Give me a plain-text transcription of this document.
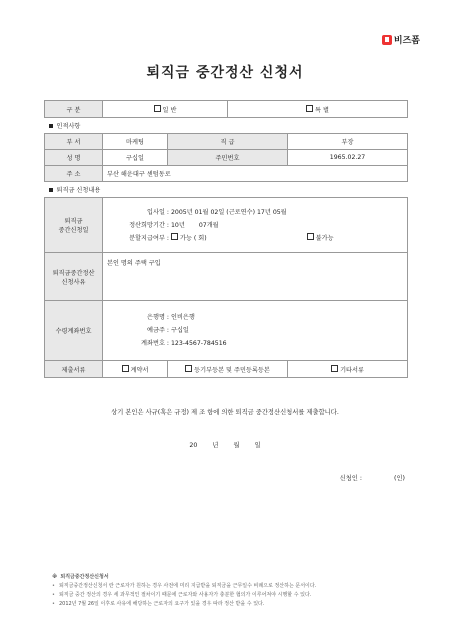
비즈폼
퇴직금 중간정산 신청서
구 분	일 반		특 별	
인적사항				
부 서	마케팅	직 급		부장
성 명	구십일	주민번호		1965.02.27
주 소	부산 해운대구 센텀동로			
퇴직금 신청내용				
퇴직금
중간신청일	입사일 : 2005년 01월 02일 (근로연수) 17년 05월
정산희망기간 : 10년 07개월
분할지급여부 : 가능 ( 회) 불가능			

퇴직금중간정산
신청사유	본인 명의 주택 구입			
수령계좌번호	은행명 : 인비은행
예금주 : 구십일
계좌번호 : 123-4567-784516			

제출서류	계약서	등기부등본 및 주민등록등본		기타서류
상기 본인은 사규(혹은 규정) 제 조 항에 의한 퇴직금 중간정산신청서를 제출합니다.
20 년 월 일
신청인 :	(인)
※ 퇴직금중간정산신청서
• 퇴직금중간정산신청서 란 근로자가 원하는 경우 사전에 미리 지급받을 퇴직금을 근무일수 비례으로 정산하는 문서이다.
• 퇴직금 중간 정산의 경우 세 과무적인 절차이기 때문에 근로자와 사용자가 충분한 협의가 이루어져야 시행할 수 있다.
• 2012년 7월 26일 이후로 사유에 해당하는 근로자의 요구가 있을 경우 따라 정산 받을 수 있다.
